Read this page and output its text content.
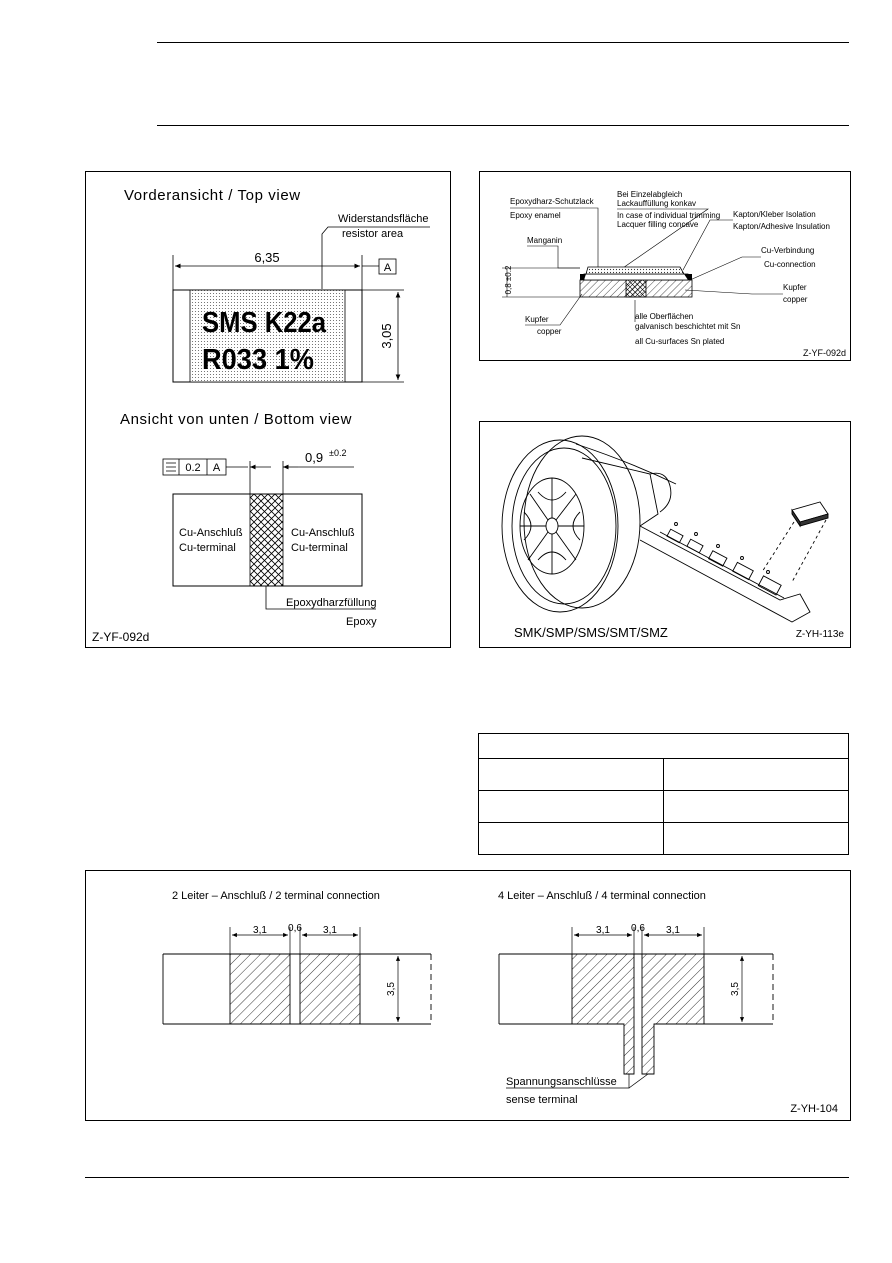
Vorderansicht / Top view
Widerstandsfläche
resistor area
6,35
A
SMS K22a
R033 1%
3,05
Ansicht von unten / Bottom view
0.2 A
0,9 ±0.2
Cu-Anschluß
Cu-terminal
Cu-Anschluß
Cu-terminal
Epoxydharzfüllung
Epoxy
Z-YF-092d
Epoxydharz-Schutzlack
Epoxy enamel
Bei Einzelabgleich
Lackauffüllung konkav
In case of individual trimming
Lacquer filling concave
Kapton/Kleber Isolation
Kapton/Adhesive Insulation
Manganin
Cu-Verbindung
Cu-connection
0,8 ±0.2	Kupfer
copper
Kupfer
copper
alle Oberflächen
galvanisch beschichtet mit Sn
all Cu-surfaces Sn plated
Z-YF-092d
SMK/SMP/SMS/SMT/SMZ	Z-YH-113e
2 Leiter – Anschluß / 2 terminal connection
3,1 0,6 3,1
3,5
4 Leiter – Anschluß / 4 terminal connection
3,1 0,6 3,1
3,5
Spannungsanschlüsse
sense terminal
Z-YH-104
